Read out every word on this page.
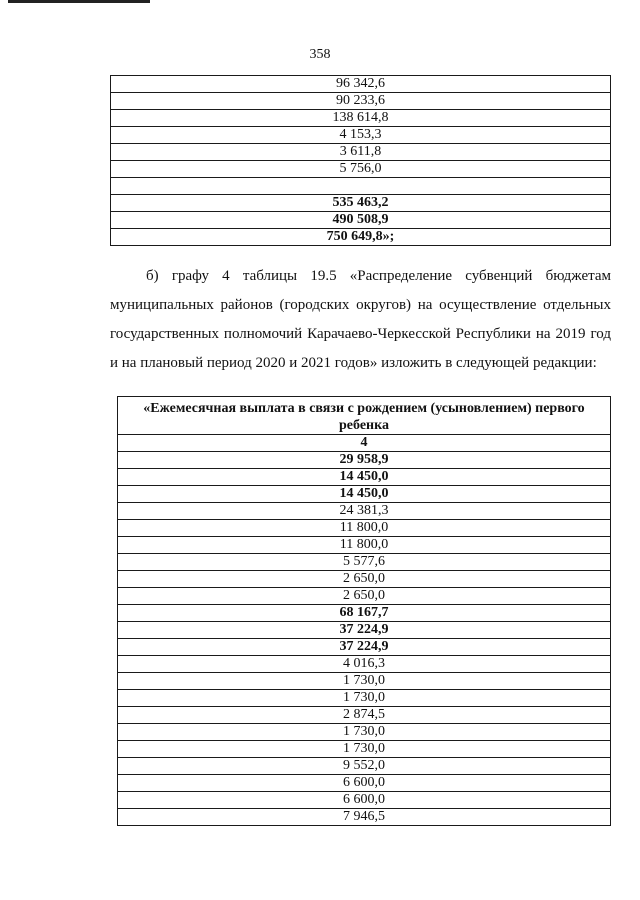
358
96 342,6
90 233,6
138 614,8
4 153,3
3 611,8
5 756,0

535 463,2
490 508,9
750 649,8»;
б) графу 4 таблицы 19.5 «Распределение субвенций бюджетам муниципальных районов (городских округов) на осуществление отдельных государственных полномочий Карачаево-Черкесской Республики на 2019 год и на плановый период 2020 и 2021 годов» изложить в следующей редакции:
«Ежемесячная выплата в связи с рождением (усыновлением) первого ребенка
4
29 958,9
14 450,0
14 450,0
24 381,3
11 800,0
11 800,0
5 577,6
2 650,0
2 650,0
68 167,7
37 224,9
37 224,9
4 016,3
1 730,0
1 730,0
2 874,5
1 730,0
1 730,0
9 552,0
6 600,0
6 600,0
7 946,5
